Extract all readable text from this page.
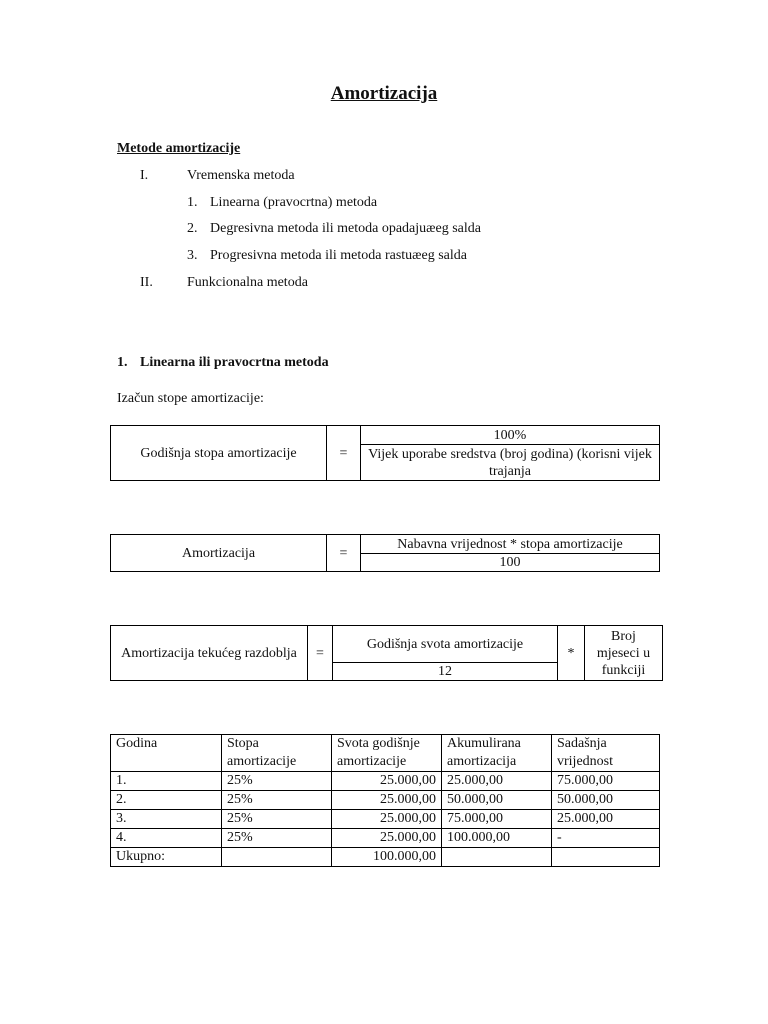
Amortizacija
Metode amortizacije
I.	Vremenska metoda
1. Linearna (pravocrtna) metoda
2. Degresivna metoda ili metoda opadajuæeg salda
3. Progresivna metoda ili metoda rastuæeg salda
II. Funkcionalna metoda
1. Linearna ili pravocrtna metoda
Izačun stope amortizacije:
Godišnja stopa amortizacije	=	100%
Vijek uporabe sredstva (broj godina) (korisni vijek trajanja
Amortizacija	=	Nabavna vrijednost * stopa amortizacije
100
Amortizacija tekućeg razdoblja	=	Godišnja svota amortizacije	*	Broj mjeseci u funkciji
12
Godina	Stopa amortizacije	Svota godišnje amortizacije	Akumulirana amortizacija	Sadašnja vrijednost
1.	25%	25.000,00	25.000,00	75.000,00
2.	25%	25.000,00	50.000,00	50.000,00
3.	25%	25.000,00	75.000,00	25.000,00
4.	25%	25.000,00	100.000,00	-
Ukupno:		100.000,00		
